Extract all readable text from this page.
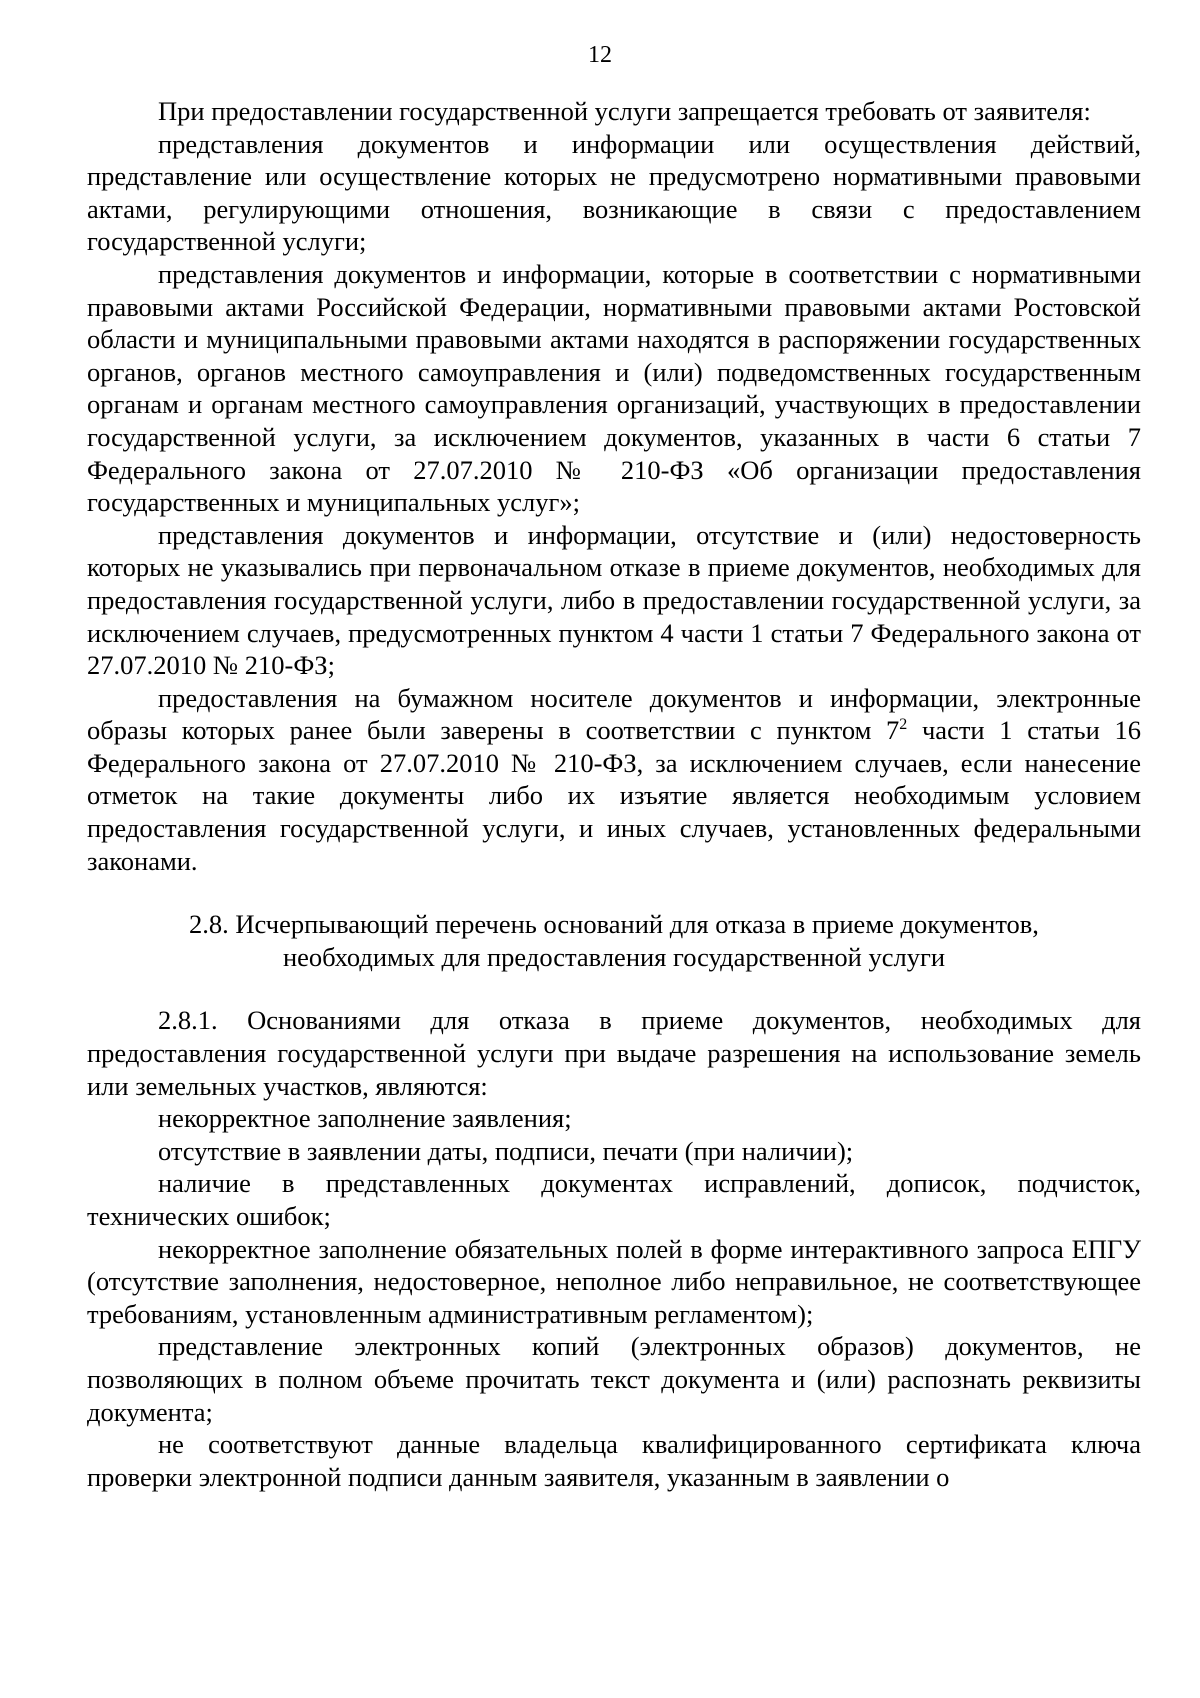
12

При предоставлении государственной услуги запрещается требовать от заявителя:

представления документов и информации или осуществления действий, представление или осуществление которых не предусмотрено нормативными правовыми актами, регулирующими отношения, возникающие в связи с предоставлением государственной услуги;

представления документов и информации, которые в соответствии с нормативными правовыми актами Российской Федерации, нормативными правовыми актами Ростовской области и муниципальными правовыми актами находятся в распоряжении государственных органов, органов местного самоуправления и (или) подведомственных государственным органам и органам местного самоуправления организаций, участвующих в предоставлении государственной услуги, за исключением документов, указанных в части 6 статьи 7 Федерального закона от 27.07.2010 № 210-ФЗ «Об организации предоставления государственных и муниципальных услуг»;

представления документов и информации, отсутствие и (или) недостоверность которых не указывались при первоначальном отказе в приеме документов, необходимых для предоставления государственной услуги, либо в предоставлении государственной услуги, за исключением случаев, предусмотренных пунктом 4 части 1 статьи 7 Федерального закона от 27.07.2010 № 210-ФЗ;

предоставления на бумажном носителе документов и информации, электронные образы которых ранее были заверены в соответствии с пунктом $7^2$ части 1 статьи 16 Федерального закона от 27.07.2010 № 210-ФЗ, за исключением случаев, если нанесение отметок на такие документы либо их изъятие является необходимым условием предоставления государственной услуги, и иных случаев, установленных федеральными законами.

2.8. Исчерпывающий перечень оснований для отказа в приеме документов,
необходимых для предоставления государственной услуги

2.8.1. Основаниями для отказа в приеме документов, необходимых для предоставления государственной услуги при выдаче разрешения на использование земель или земельных участков, являются:

некорректное заполнение заявления;

отсутствие в заявлении даты, подписи, печати (при наличии);

наличие в представленных документах исправлений, дописок, подчисток, технических ошибок;

некорректное заполнение обязательных полей в форме интерактивного запроса ЕПГУ (отсутствие заполнения, недостоверное, неполное либо неправильное, не соответствующее требованиям, установленным административным регламентом);

представление электронных копий (электронных образов) документов, не позволяющих в полном объеме прочитать текст документа и (или) распознать реквизиты документа;

не соответствуют данные владельца квалифицированного сертификата ключа проверки электронной подписи данным заявителя, указанным в заявлении о
